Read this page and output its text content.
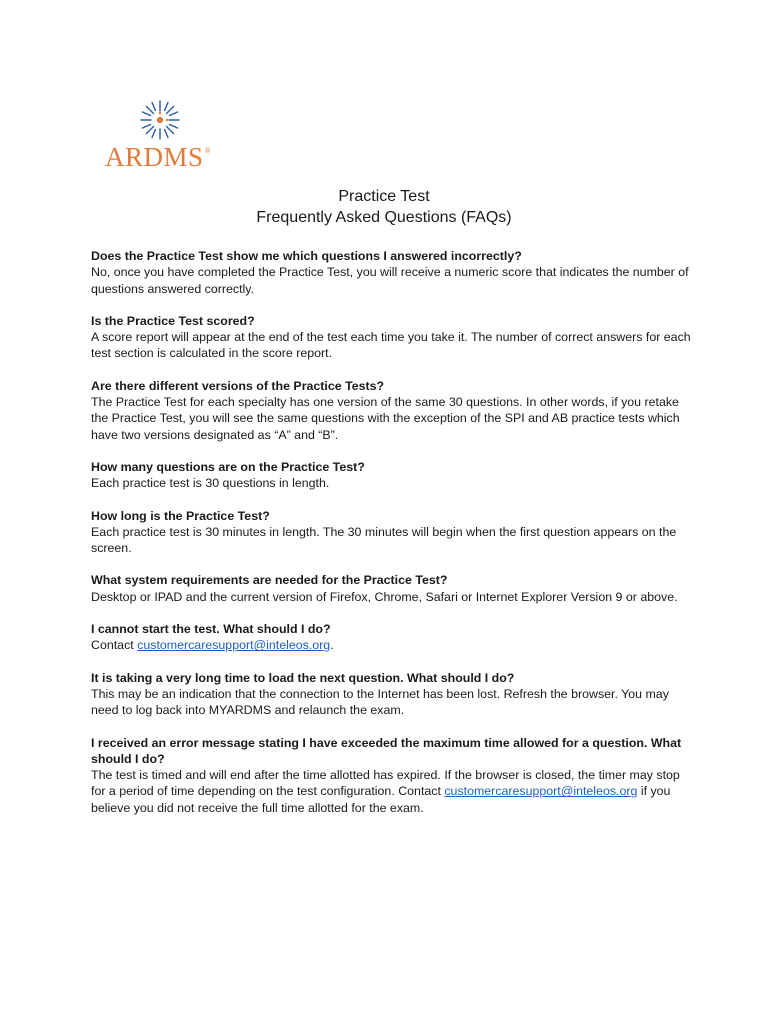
ARDMS®
Practice Test
Frequently Asked Questions (FAQs)

Does the Practice Test show me which questions I answered incorrectly?

No, once you have completed the Practice Test, you will receive a numeric score that indicates the number of questions answered correctly.

Is the Practice Test scored?

A score report will appear at the end of the test each time you take it. The number of correct answers for each test section is calculated in the score report.

Are there different versions of the Practice Tests?

The Practice Test for each specialty has one version of the same 30 questions. In other words, if you retake the Practice Test, you will see the same questions with the exception of the SPI and AB practice tests which have two versions designated as “A” and “B”.

How many questions are on the Practice Test?

Each practice test is 30 questions in length.

How long is the Practice Test?

Each practice test is 30 minutes in length. The 30 minutes will begin when the first question appears on the screen.

What system requirements are needed for the Practice Test?

Desktop or IPAD and the current version of Firefox, Chrome, Safari or Internet Explorer Version 9 or above.

I cannot start the test. What should I do?

Contact customercaresupport@inteleos.org.

It is taking a very long time to load the next question. What should I do?

This may be an indication that the connection to the Internet has been lost. Refresh the browser. You may need to log back into MYARDMS and relaunch the exam.

I received an error message stating I have exceeded the maximum time allowed for a question. What should I do?

The test is timed and will end after the time allotted has expired. If the browser is closed, the timer may stop for a period of time depending on the test configuration. Contact customercaresupport@inteleos.org if you believe you did not receive the full time allotted for the exam.
